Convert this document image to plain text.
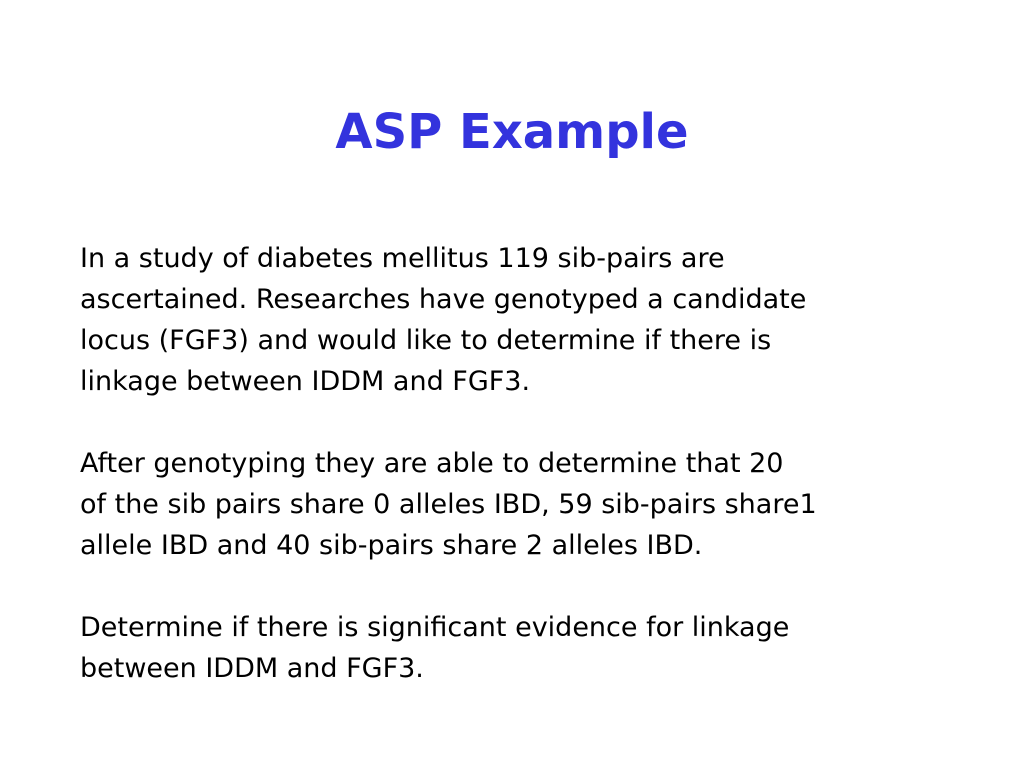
ASP Example

In a study of diabetes mellitus 119 sib-pairs are
ascertained. Researches have genotyped a candidate
locus (FGF3) and would like to determine if there is
linkage between IDDM and FGF3.

After genotyping they are able to determine that 20
of the sib pairs share 0 alleles IBD, 59 sib-pairs share1
allele IBD and 40 sib-pairs share 2 alleles IBD.

Determine if there is significant evidence for linkage
between IDDM and FGF3.
